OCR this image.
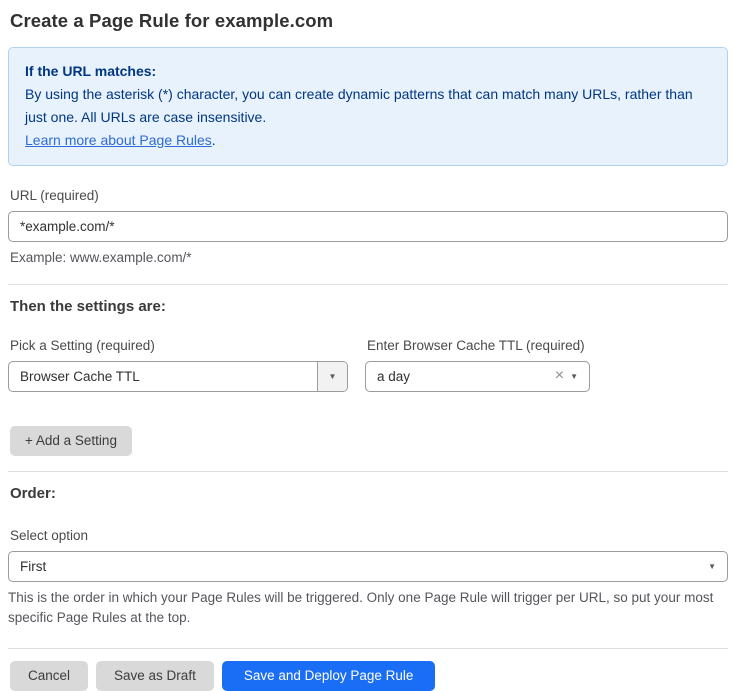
Create a Page Rule for example.com
If the URL matches:
By using the asterisk (*) character, you can create dynamic patterns that can match many URLs, rather than just one. All URLs are case insensitive.
Learn more about Page Rules.
URL (required)
*example.com/*
Example: www.example.com/*
Then the settings are:
Pick a Setting (required)
Browser Cache TTL	▼
Enter Browser Cache TTL (required)
a day	× ▼
+ Add a Setting
Order:
Select option
First	▼
This is the order in which your Page Rules will be triggered. Only one Page Rule will trigger per URL, so put your most specific Page Rules at the top.
Cancel	Save as Draft	Save and Deploy Page Rule
